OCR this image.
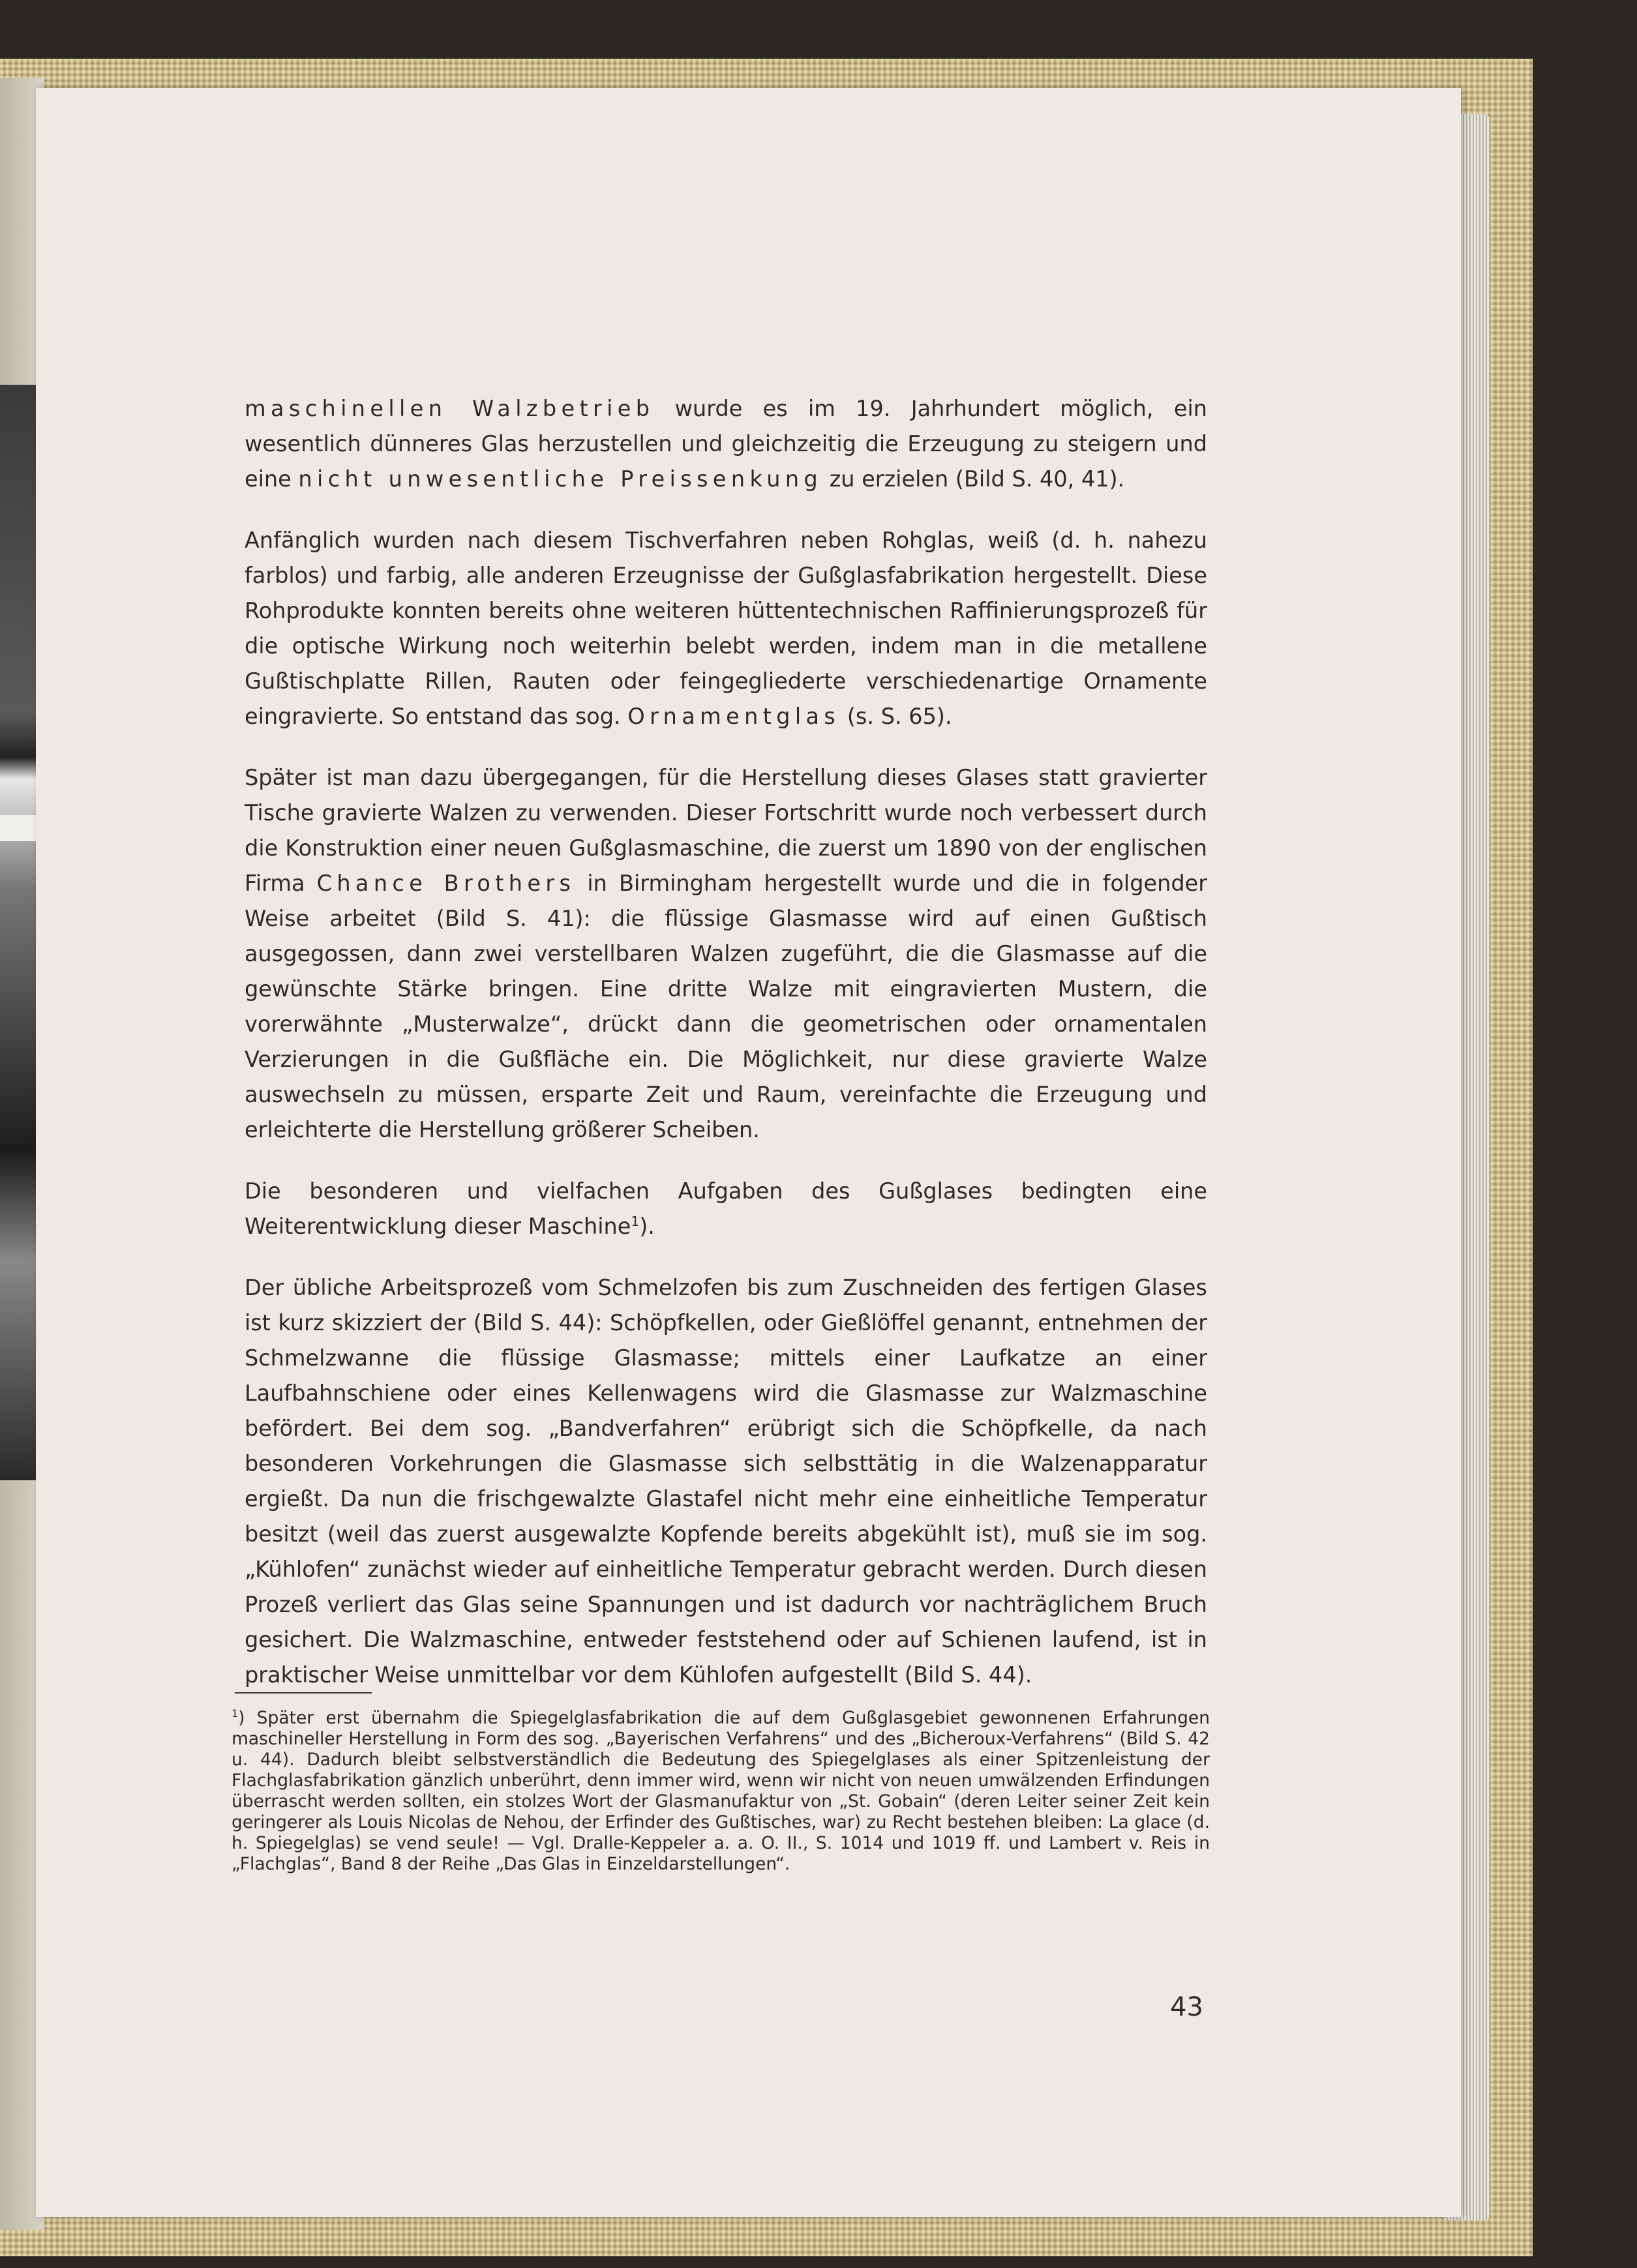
maschinellen Walzbetrieb wurde es im 19. Jahrhundert möglich, ein wesentlich dünneres Glas herzustellen und gleichzeitig die Erzeugung zu steigern und eine nicht unwesentliche Preissenkung zu erzielen (Bild S. 40, 41).

Anfänglich wurden nach diesem Tischverfahren neben Rohglas, weiß (d. h. nahezu farblos) und farbig, alle anderen Erzeugnisse der Gußglasfabrikation hergestellt. Diese Rohprodukte konnten bereits ohne weiteren hüttentechnischen Raffinierungsprozeß für die optische Wirkung noch weiterhin belebt werden, indem man in die metallene Gußtischplatte Rillen, Rauten oder feingegliederte verschiedenartige Ornamente eingravierte. So entstand das sog. Ornamentglas (s. S. 65).

Später ist man dazu übergegangen, für die Herstellung dieses Glases statt gravierter Tische gravierte Walzen zu verwenden. Dieser Fortschritt wurde noch verbessert durch die Konstruktion einer neuen Gußglasmaschine, die zuerst um 1890 von der englischen Firma Chance Brothers in Birmingham hergestellt wurde und die in folgender Weise arbeitet (Bild S. 41): die flüssige Glasmasse wird auf einen Gußtisch ausgegossen, dann zwei verstellbaren Walzen zugeführt, die die Glasmasse auf die gewünschte Stärke bringen. Eine dritte Walze mit eingravierten Mustern, die vorerwähnte „Musterwalze“, drückt dann die geometrischen oder ornamentalen Verzierungen in die Gußfläche ein. Die Möglichkeit, nur diese gravierte Walze auswechseln zu müssen, ersparte Zeit und Raum, vereinfachte die Erzeugung und erleichterte die Herstellung größerer Scheiben.

Die besonderen und vielfachen Aufgaben des Gußglases bedingten eine Weiterentwicklung dieser Maschine$^1$).

Der übliche Arbeitsprozeß vom Schmelzofen bis zum Zuschneiden des fertigen Glases ist kurz skizziert der (Bild S. 44): Schöpfkellen, oder Gießlöffel genannt, entnehmen der Schmelzwanne die flüssige Glasmasse; mittels einer Laufkatze an einer Laufbahnschiene oder eines Kellenwagens wird die Glasmasse zur Walzmaschine befördert. Bei dem sog. „Bandverfahren“ erübrigt sich die Schöpfkelle, da nach besonderen Vorkehrungen die Glasmasse sich selbsttätig in die Walzenapparatur ergießt. Da nun die frischgewalzte Glastafel nicht mehr eine einheitliche Temperatur besitzt (weil das zuerst ausgewalzte Kopfende bereits abgekühlt ist), muß sie im sog. „Kühlofen“ zunächst wieder auf einheitliche Temperatur gebracht werden. Durch diesen Prozeß verliert das Glas seine Spannungen und ist dadurch vor nachträglichem Bruch gesichert. Die Walzmaschine, entweder feststehend oder auf Schienen laufend, ist in praktischer Weise unmittelbar vor dem Kühlofen aufgestellt (Bild S. 44).

$^1$) Später erst übernahm die Spiegelglasfabrikation die auf dem Gußglasgebiet gewonnenen Erfahrungen maschineller Herstellung in Form des sog. „Bayerischen Verfahrens“ und des „Bicheroux-Verfahrens“ (Bild S. 42 u. 44). Dadurch bleibt selbstverständlich die Bedeutung des Spiegelglases als einer Spitzenleistung der Flachglasfabrikation gänzlich unberührt, denn immer wird, wenn wir nicht von neuen umwälzenden Erfindungen überrascht werden sollten, ein stolzes Wort der Glasmanufaktur von „St. Gobain“ (deren Leiter seiner Zeit kein geringerer als Louis Nicolas de Nehou, der Erfinder des Gußtisches, war) zu Recht bestehen bleiben: La glace (d. h. Spiegelglas) se vend seule! — Vgl. Dralle-Keppeler a. a. O. II., S. 1014 und 1019 ff. und Lambert v. Reis in „Flachglas“, Band 8 der Reihe „Das Glas in Einzeldarstellungen“.

43
